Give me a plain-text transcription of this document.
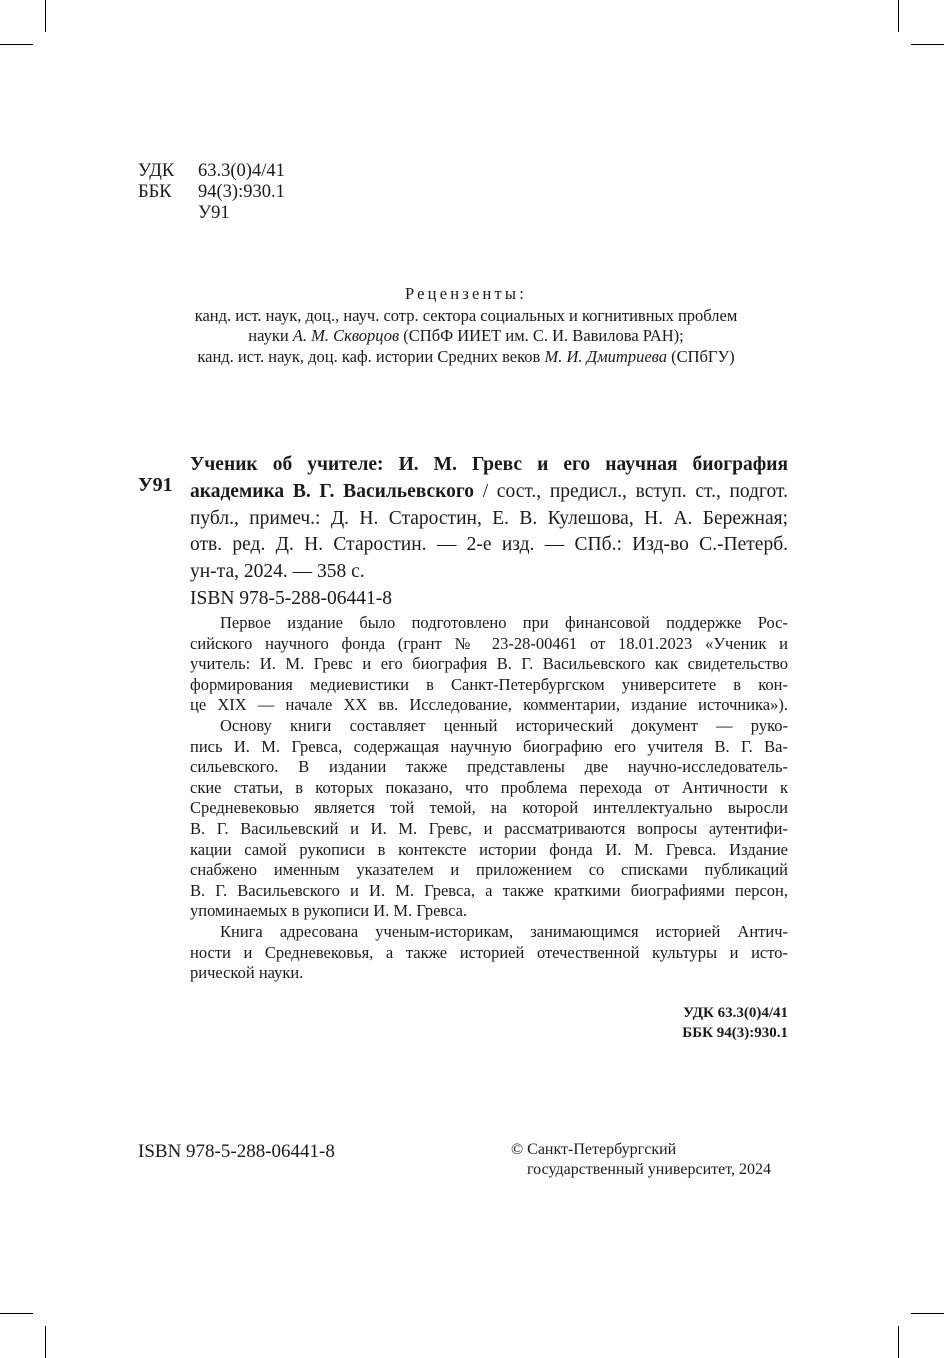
УДК	63.3(0)4/41
ББК	94(3):930.1
У91
Рецензенты:
канд. ист. наук, доц., науч. сотр. сектора социальных и когнитивных проблем
науки А. М. Скворцов (СПбФ ИИЕТ им. С. И. Вавилова РАН);
канд. ист. наук, доц. каф. истории Средних веков М. И. Дмитриева (СПбГУ)
У91
Ученик об учителе: И. М. Гревс и его научная биография
академика В. Г. Васильевского / сост., предисл., вступ. ст., подгот.
публ., примеч.: Д. Н. Старостин, Е. В. Кулешова, Н. А. Бережная;
отв. ред. Д. Н. Старостин. — 2-е изд. — СПб.: Изд-во С.-Петерб.
ун-та, 2024. — 358 с.
ISBN 978-5-288-06441-8
Первое издание было подготовлено при финансовой поддержке Рос-
сийского научного фонда (грант № 23-28-00461 от 18.01.2023 «Ученик и
учитель: И. М. Гревс и его биография В. Г. Васильевского как свидетельство
формирования медиевистики в Санкт-Петербургском университете в кон-
це XIX — начале XX вв. Исследование, комментарии, издание источника»).
Основу книги составляет ценный исторический документ — руко-
пись И. М. Гревса, содержащая научную биографию его учителя В. Г. Ва-
сильевского. В издании также представлены две научно-исследователь-
ские статьи, в которых показано, что проблема перехода от Античности к
Средневековью является той темой, на которой интеллектуально выросли
В. Г. Васильевский и И. М. Гревс, и рассматриваются вопросы аутентифи-
кации самой рукописи в контексте истории фонда И. М. Гревса. Издание
снабжено именным указателем и приложением со списками публикаций
В. Г. Васильевского и И. М. Гревса, а также краткими биографиями персон,
упоминаемых в рукописи И. М. Гревса.
Книга адресована ученым-историкам, занимающимся историей Антич-
ности и Средневековья, а также историей отечественной культуры и исто-
рической науки.
УДК 63.3(0)4/41
ББК 94(3):930.1
ISBN 978-5-288-06441-8	© Санкт-Петербургский
государственный университет, 2024
